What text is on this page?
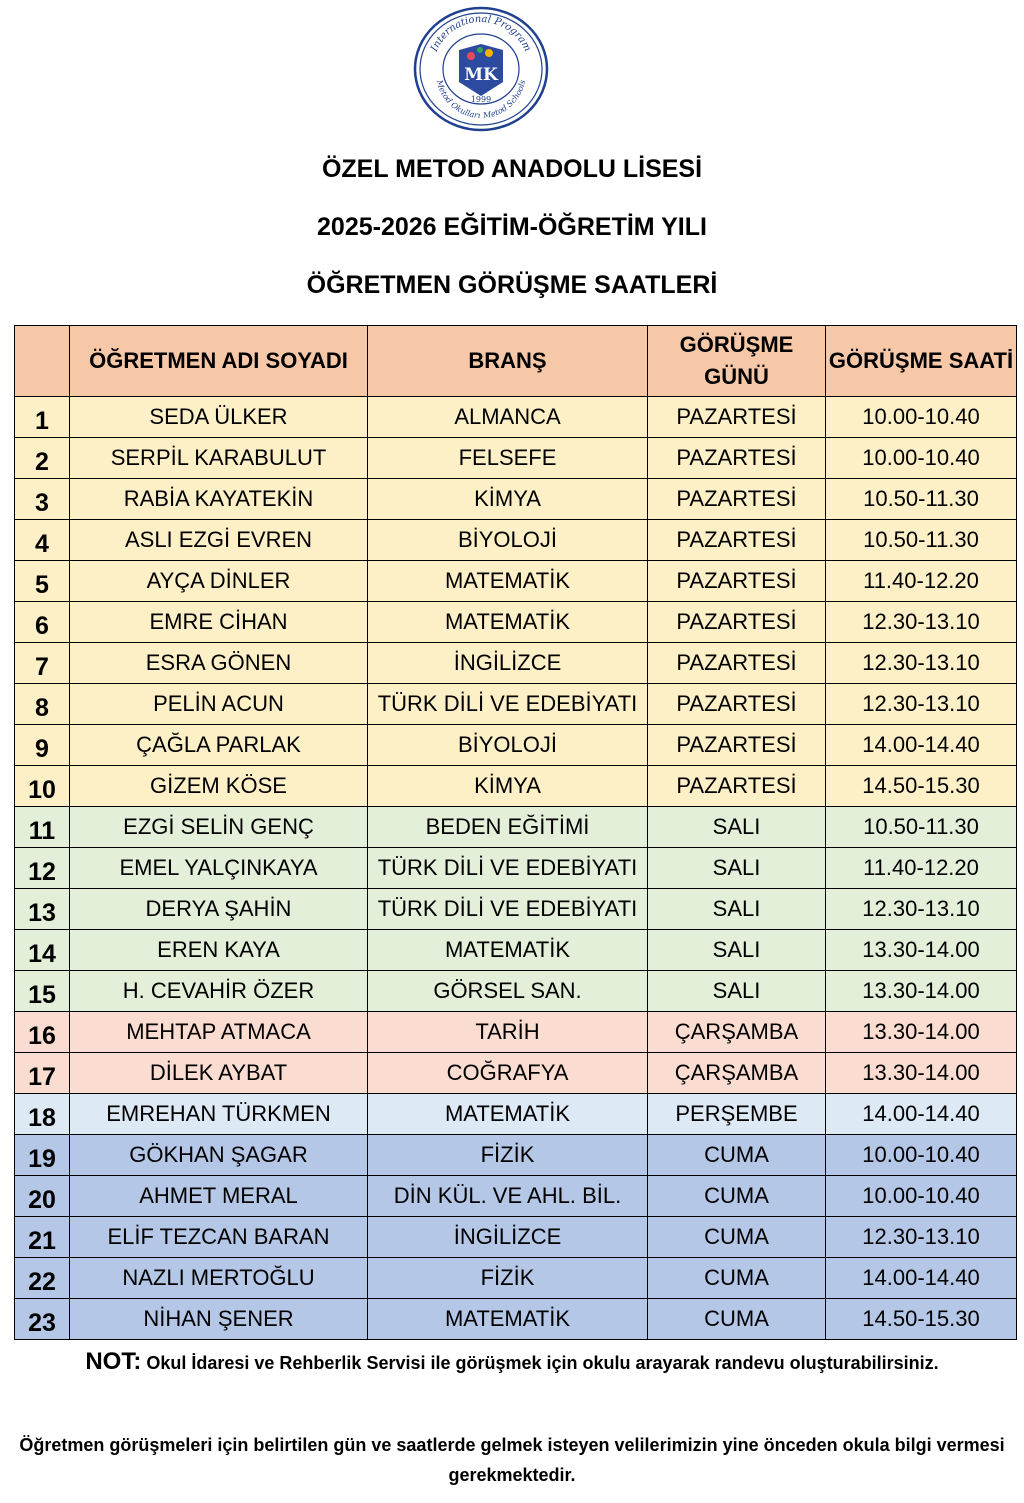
International Program
Metod Okulları Metod Schools
MK
1999
ÖZEL METOD ANADOLU LİSESİ
2025-2026 EĞİTİM-ÖĞRETİM YILI
ÖĞRETMEN GÖRÜŞME SAATLERİ
	ÖĞRETMEN ADI SOYADI	BRANŞ	GÖRÜŞME GÜNÜ	GÖRÜŞME SAATİ
1	SEDA ÜLKER	ALMANCA	PAZARTESİ	10.00-10.40
2	SERPİL KARABULUT	FELSEFE	PAZARTESİ	10.00-10.40
3	RABİA KAYATEKİN	KİMYA	PAZARTESİ	10.50-11.30
4	ASLI EZGİ EVREN	BİYOLOJİ	PAZARTESİ	10.50-11.30
5	AYÇA DİNLER	MATEMATİK	PAZARTESİ	11.40-12.20
6	EMRE CİHAN	MATEMATİK	PAZARTESİ	12.30-13.10
7	ESRA GÖNEN	İNGİLİZCE	PAZARTESİ	12.30-13.10
8	PELİN ACUN	TÜRK DİLİ VE EDEBİYATI	PAZARTESİ	12.30-13.10
9	ÇAĞLA PARLAK	BİYOLOJİ	PAZARTESİ	14.00-14.40
10	GİZEM KÖSE	KİMYA	PAZARTESİ	14.50-15.30
11	EZGİ SELİN GENÇ	BEDEN EĞİTİMİ	SALI	10.50-11.30
12	EMEL YALÇINKAYA	TÜRK DİLİ VE EDEBİYATI	SALI	11.40-12.20
13	DERYA ŞAHİN	TÜRK DİLİ VE EDEBİYATI	SALI	12.30-13.10
14	EREN KAYA	MATEMATİK	SALI	13.30-14.00
15	H. CEVAHİR ÖZER	GÖRSEL SAN.	SALI	13.30-14.00
16	MEHTAP ATMACA	TARİH	ÇARŞAMBA	13.30-14.00
17	DİLEK AYBAT	COĞRAFYA	ÇARŞAMBA	13.30-14.00
18	EMREHAN TÜRKMEN	MATEMATİK	PERŞEMBE	14.00-14.40
19	GÖKHAN ŞAGAR	FİZİK	CUMA	10.00-10.40
20	AHMET MERAL	DİN KÜL. VE AHL. BİL.	CUMA	10.00-10.40
21	ELİF TEZCAN BARAN	İNGİLİZCE	CUMA	12.30-13.10
22	NAZLI MERTOĞLU	FİZİK	CUMA	14.00-14.40
23	NİHAN ŞENER	MATEMATİK	CUMA	14.50-15.30
NOT: Okul İdaresi ve Rehberlik Servisi ile görüşmek için okulu arayarak randevu oluşturabilirsiniz.
Öğretmen görüşmeleri için belirtilen gün ve saatlerde gelmek isteyen velilerimizin yine önceden okula bilgi vermesi gerekmektedir.
